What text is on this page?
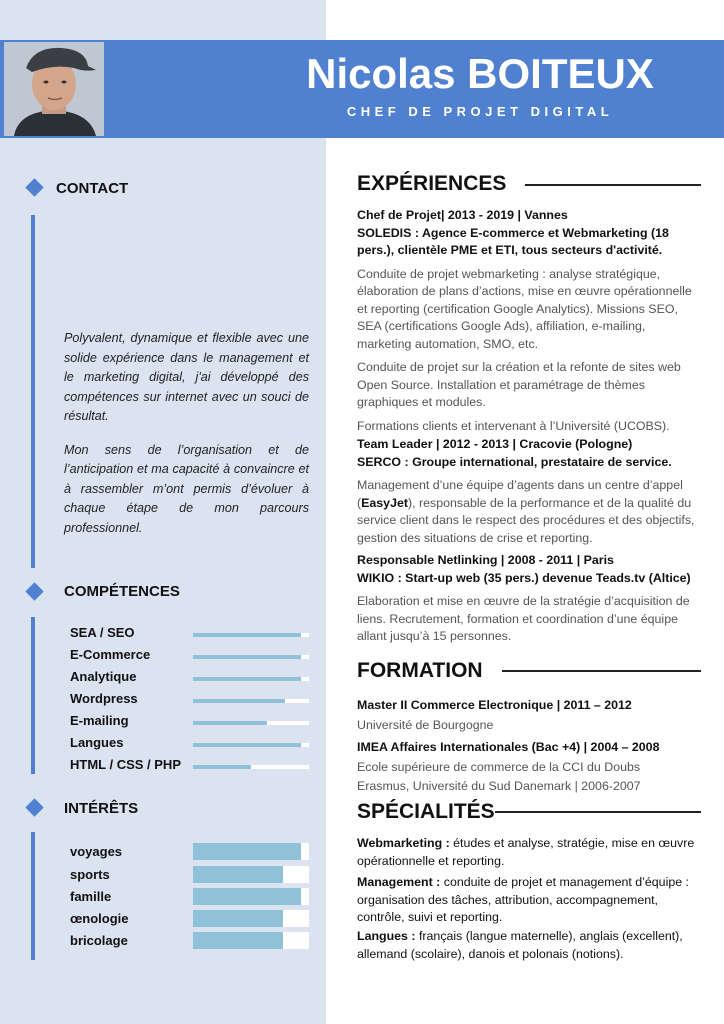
Nicolas BOITEUX
CHEF DE PROJET DIGITAL
CONTACT

Polyvalent, dynamique et flexible avec une solide expérience dans le management et le marketing digital, j'ai développé des compétences sur internet avec un souci de résultat.

Mon sens de l’organisation et de l’anticipation et ma capacité à convaincre et à rassembler m’ont permis d’évoluer à chaque étape de mon parcours professionnel.

COMPÉTENCES
SEA / SEO
E-Commerce
Analytique
Wordpress
E-mailing
Langues
HTML / CSS / PHP
INTÉRÊTS
voyages
sports
famille
œnologie
bricolage
EXPÉRIENCES
Chef de Projet| 2013 - 2019 | Vannes
SOLEDIS : Agence E-commerce et Webmarketing (18 pers.), clientèle PME et ETI, tous secteurs d'activité.
Conduite de projet webmarketing : analyse stratégique, élaboration de plans d’actions, mise en œuvre opérationnelle et reporting (certification Google Analytics). Missions SEO, SEA (certifications Google Ads), affiliation, e-mailing, marketing automation, SMO, etc.
Conduite de projet sur la création et la refonte de sites web Open Source. Installation et paramétrage de thèmes graphiques et modules.
Formations clients et intervenant à l’Université (UCOBS).
Team Leader | 2012 - 2013 | Cracovie (Pologne)
SERCO : Groupe international, prestataire de service.
Management d’une équipe d’agents dans un centre d’appel (EasyJet), responsable de la performance et de la qualité du service client dans le respect des procédures et des objectifs, gestion des situations de crise et reporting.
Responsable Netlinking | 2008 - 2011 | Paris
WIKIO : Start-up web (35 pers.) devenue Teads.tv (Altice)
Elaboration et mise en œuvre de la stratégie d’acquisition de liens. Recrutement, formation et coordination d’une équipe allant jusqu’à 15 personnes.
FORMATION
Master II Commerce Electronique | 2011 – 2012
Université de Bourgogne
IMEA Affaires Internationales (Bac +4) | 2004 – 2008
Ecole supérieure de commerce de la CCI du Doubs
Erasmus, Université du Sud Danemark | 2006-2007
SPÉCIALITÉS
Webmarketing : études et analyse, stratégie, mise en œuvre opérationnelle et reporting.
Management : conduite de projet et management d’équipe : organisation des tâches, attribution, accompagnement, contrôle, suivi et reporting.
Langues : français (langue maternelle), anglais (excellent), allemand (scolaire), danois et polonais (notions).
